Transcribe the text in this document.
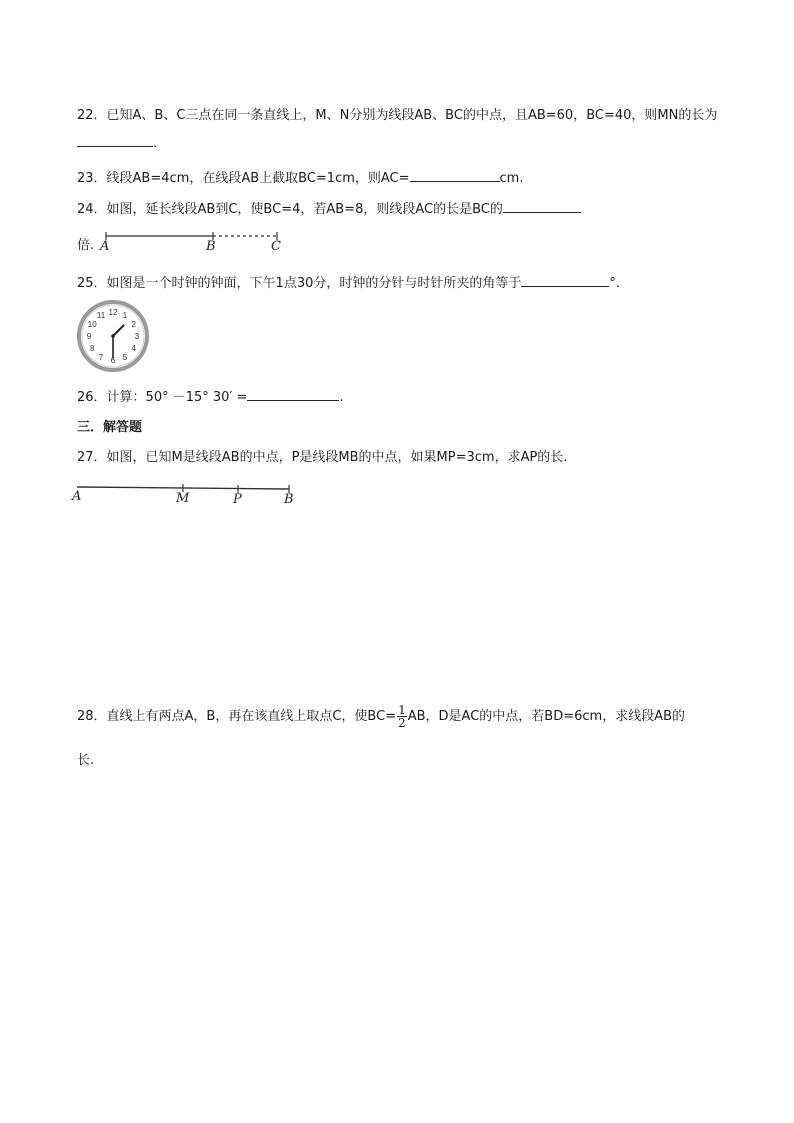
22．已知A、B、C三点在同一条直线上，M、N分别为线段AB、BC的中点，且AB=60，BC=40，则MN的长为
.
23．线段AB=4cm，在线段AB上截取BC=1cm，则AC=	cm.
24．如图，延长线段AB到C，使BC=4，若AB=8，则线段AC的长是BC的
倍. A	B	C
25．如图是一个时钟的钟面，下午1点30分，时钟的分针与时针所夹的角等于	°．
12 1
2
3
4
5
6
7
8
9
10
11
26．计算：50° －15° 30′ =	.
三．解答题
27．如图，已知M是线段AB的中点，P是线段MB的中点，如果MP=3cm，求AP的长.
A	M	P	B
28．直线上有两点A，B，再在该直线上取点C，使$BC= \frac{1}{2}$ AB，D是AC的中点，若BD=6cm，求线段AB的
长.
